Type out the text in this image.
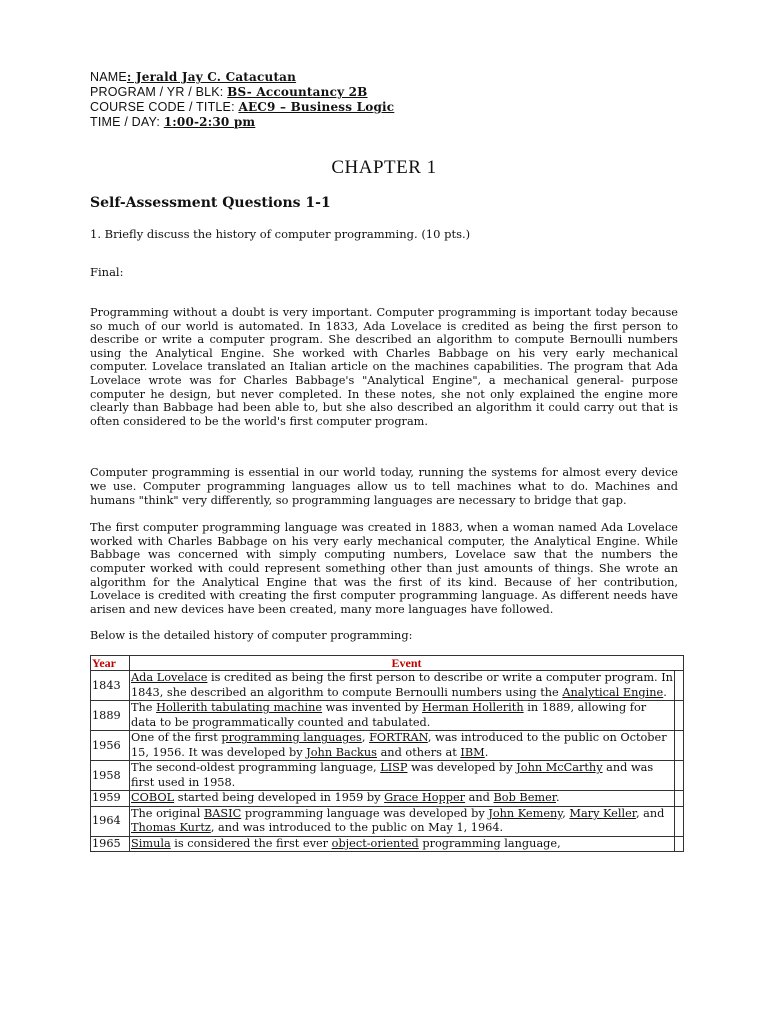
NAME: Jerald Jay C. Catacutan
PROGRAM / YR / BLK: BS- Accountancy 2B
COURSE CODE / TITLE: AEC9 – Business Logic
TIME / DAY: 1:00-2:30 pm
CHAPTER 1
Self-Assessment Questions 1-1
1. Briefly discuss the history of computer programming. (10 pts.)
Final:
Programming without a doubt is very important. Computer programming is important today because so much of our world is automated. In 1833, Ada Lovelace is credited as being the first person to describe or write a computer program. She described an algorithm to compute Bernoulli numbers using the Analytical Engine. She worked with Charles Babbage on his very early mechanical computer. Lovelace translated an Italian article on the machines capabilities. The program that Ada Lovelace wrote was for Charles Babbage's "Analytical Engine", a mechanical general- purpose computer he design, but never completed. In these notes, she not only explained the engine more clearly than Babbage had been able to, but she also described an algorithm it could carry out that is often considered to be the world's first computer program.
Computer programming is essential in our world today, running the systems for almost every device we use. Computer programming languages allow us to tell machines what to do. Machines and humans "think" very differently, so programming languages are necessary to bridge that gap.
The first computer programming language was created in 1883, when a woman named Ada Lovelace worked with Charles Babbage on his very early mechanical computer, the Analytical Engine. While Babbage was concerned with simply computing numbers, Lovelace saw that the numbers the computer worked with could represent something other than just amounts of things. She wrote an algorithm for the Analytical Engine that was the first of its kind. Because of her contribution, Lovelace is credited with creating the first computer programming language. As different needs have arisen and new devices have been created, many more languages have followed.
Below is the detailed history of computer programming:
Year	Event	
1843	Ada Lovelace is credited as being the first person to describe or write a computer program. In 1843, she described an algorithm to compute Bernoulli numbers using the Analytical Engine.	
1889	The Hollerith tabulating machine was invented by Herman Hollerith in 1889, allowing for data to be programmatically counted and tabulated.	
1956	One of the first programming languages, FORTRAN, was introduced to the public on October 15, 1956. It was developed by John Backus and others at IBM.	
1958	The second-oldest programming language, LISP was developed by John McCarthy and was first used in 1958.	
1959	COBOL started being developed in 1959 by Grace Hopper and Bob Bemer.	
1964	The original BASIC programming language was developed by John Kemeny, Mary Keller, and Thomas Kurtz, and was introduced to the public on May 1, 1964.	
1965	Simula is considered the first ever object-oriented programming language,	
